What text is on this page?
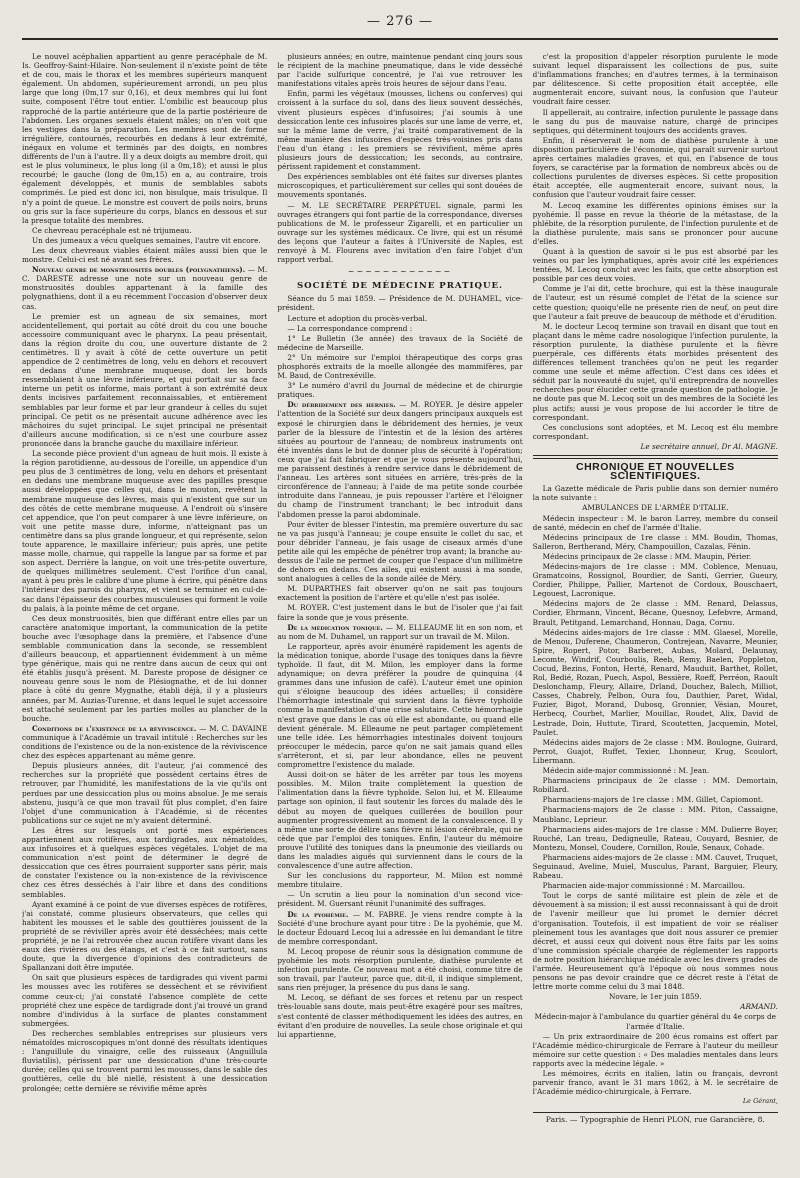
— 276 —

Le nouvel acéphalien appartient au genre peracéphale de M. Is. Geoffroy-Saint-Hilaire. Non-seulement il n'existe point de tête et de cou, mais le thorax et les membres supérieurs manquent également. Un abdomen, supérieurement arrondi, un peu plus large que long (0m,17 sur 0,16), et deux membres qui lui font suite, composent l'être tout entier. L'ombilic est beaucoup plus rapproché de la partie antérieure que de la partie postérieure de l'abdomen. Les organes sexuels étaient mâles; on n'en voit que les vestiges dans la préparation. Les membres sont de forme irrégulière, contournés, recourbés en dedans à leur extrémité, inégaux en volume et terminés par des doigts, en nombres différents de l'un à l'autre. Il y a deux doigts au membre droit, qui est le plus volumineux, le plus long (il a 0m,18); et aussi le plus recourbé; le gauche (long de 0m,15) en a, au contraire, trois également développés, et munis de semblables sabots comprimés. Le pied est donc ici, non bisulque, mais trisulque. Il n'y a point de queue. Le monstre est couvert de poils noirs, bruns ou gris sur la face supérieure du corps, blancs en dessous et sur la presque totalité des membres.

Ce chevreau peracéphale est né trijumeau.

Un des jumeaux a vécu quelques semaines, l'autre vit encore.

Les deux chevreaux viables étaient mâles aussi bien que le monstre. Celui-ci est né avant ses frères.

Nouveau genre de monstruosités doubles (polygnathiens). — M. C. DARESTE adresse une note sur un nouveau genre de monstruosités doubles appartenant à la famille des polygnathiens, dont il a eu récemment l'occasion d'observer deux cas.

Le premier est un agneau de six semaines, mort accidentellement, qui portait au côté droit du cou une bouche accessoire communiquant avec le pharynx. La peau présentait, dans la région droite du cou, une ouverture distante de 2 centimètres. Il y avait à côté de cette ouverture un petit appendice de 2 centimètres de long, velu en dehors et recouvert en dedans d'une membrane muqueuse, dont les bords ressemblaient à une lèvre inférieure, et qui portait sur sa face interne un petit os informe, mais portant à son extrémité deux dents incisives parfaitement reconnaissables, et entièrement semblables par leur forme et par leur grandeur à celles du sujet principal. Ce petit os ne présentait aucune adhérence avec les mâchoires du sujet principal. Le sujet principal ne présentait d'ailleurs aucune modification, si ce n'est une courbure assez prononcée dans la branche gauche du maxillaire inférieur.

La seconde pièce provient d'un agneau de huit mois. Il existe à la région parotidienne, au-dessous de l'oreille, un appendice d'un peu plus de 3 centimètres de long, velu en dehors et présentant en dedans une membrane muqueuse avec des papilles presque aussi développées que celles qui, dans le mouton, revêtent la membrane muqueuse des lèvres, mais qui n'existent que sur un des côtés de cette membrane muqueuse. A l'endroit où s'insère cet appendice, que l'on peut comparer à une lèvre inférieure, on voit une petite masse dure, informe, n'atteignant pas un centimètre dans sa plus grande longueur, et qui représente, selon toute apparence, le maxillaire inférieur; puis après, une petite masse molle, charnue, qui rappelle la langue par sa forme et par son aspect. Derrière la langue, on voit une très-petite ouverture, de quelques millimètres seulement. C'est l'orifice d'un canal, ayant à peu près le calibre d'une plume à écrire, qui pénètre dans l'intérieur des parois du pharynx, et vient se terminer en cul-de-sac dans l'épaisseur des courbes musculeuses qui forment le voile du palais, à la pointe même de cet organe.

Ces deux monstruosités, bien que différant entre elles par un caractère anatomique important, la communication de la petite bouche avec l'œsophage dans la première, et l'absence d'une semblable communication dans la seconde, se ressemblent d'ailleurs beaucoup, et appartiennent évidemment à un même type générique, mais qui ne rentre dans aucun de ceux qui ont été établis jusqu'à présent. M. Dareste propose de désigner ce nouveau genre sous le nom de Plésiognathe, et de lui donner place à côté du genre Mygnathe, établi déjà, il y a plusieurs années, par M. Auzias-Turenne, et dans lequel le sujet accessoire est attaché seulement par les parties molles au plancher de la bouche.

Conditions de l'existence de la réviviscence. — M. C. DAVAINE communique à l'Académie un travail intitulé : Recherches sur les conditions de l'existence ou de la non-existence de la réviviscence chez des espèces appartenant au même genre.

Depuis plusieurs années, dit l'auteur, j'ai commencé des recherches sur la propriété que possèdent certains êtres de retrouver, par l'humidité, les manifestations de la vie qu'ils ont perdues par une dessiccation plus ou moins absolue. Je me serais abstenu, jusqu'à ce que mon travail fût plus complet, d'en faire l'objet d'une communication à l'Académie, si de récentes publications sur ce sujet ne m'y avaient déterminé.

Les êtres sur lesquels ont porté mes expériences appartiennent aux rotifères, aux tardigrades, aux nématoïdes, aux infusoires et à quelques espèces végétales. L'objet de ma communication n'est point de déterminer le degré de dessiccation que ces êtres pourraient supporter sans périr, mais de constater l'existence ou la non-existence de la réviviscence chez ces êtres desséchés à l'air libre et dans des conditions semblables.

Ayant examiné à ce point de vue diverses espèces de rotifères, j'ai constaté, comme plusieurs observateurs, que celles qui habitent les mousses et le sable des gouttières jouissent de la propriété de se réviviller après avoir été desséchées; mais cette propriété, je ne l'ai retrouvée chez aucun rotifère vivant dans les eaux des rivières ou des étangs, et c'est à ce fait surtout, sans doute, que la divergence d'opinions des contradicteurs de Spallanzani doit être imputée.

On sait que plusieurs espèces de tardigrades qui vivent parmi les mousses avec les rotifères se dessèchent et se réviviﬁent comme ceux-ci; j'ai constaté l'absence complète de cette propriété chez une espèce de tardigrade dont j'ai trouvé un grand nombre d'individus à la surface de plantes constamment submergées.

Des recherches semblables entreprises sur plusieurs vers nématoïdes microscopiques m'ont donné des résultats identiques : l'anguillule du vinaigre, celle des ruisseaux (Anguillula fluviatilis), périssent par une dessiccation d'une très-courte durée; celles qui se trouvent parmi les mousses, dans le sable des gouttières, celle du blé niellé, résistent à une dessiccation prolongée; cette dernière se réviviﬁe même après

plusieurs années; en outre, maintenue pendant cinq jours sous le récipient de la machine pneumatique, dans le vide desséché par l'acide sulfurique concentré, je l'ai vue retrouver les manifestations vitales après trois heures de séjour dans l'eau.

Enfin, parmi les végétaux (mousses, lichens ou conferves) qui croissent à la surface du sol, dans des lieux souvent desséchés, vivent plusieurs espèces d'infusoires; j'ai soumis à une dessiccation lente ces infusoires placés sur une lame de verre, et, sur la même lame de verre, j'ai traité comparativement de la même manière des infusoires d'espèces très-voisines pris dans l'eau d'un étang : les premiers se réviviﬁent, même après plusieurs jours de dessiccation; les seconds, au contraire, périssent rapidement et constamment.

Des expériences semblables ont été faites sur diverses plantes microscopiques, et particulièrement sur celles qui sont douées de mouvements spontanés.

— M. LE SECRÉTAIRE PERPÉTUEL signale, parmi les ouvrages étrangers qui font partie de la correspondance, diverses publications de M. le professeur Zigarelli, et en particulier un ouvrage sur les systèmes médicaux. Ce livre, qui est un résumé des leçons que l'auteur a faites à l'Université de Naples, est renvoyé à M. Flourens avec invitation d'en faire l'objet d'un rapport verbal.

~~~~~~~~~~~~
SOCIÉTÉ DE MÉDECINE PRATIQUE.

Séance du 5 mai 1859. — Présidence de M. DUHAMEL, vice-président.

Lecture et adoption du procès-verbal.

— La correspondance comprend :

1° Le Bulletin (3e année) des travaux de la Société de médecine de Marseille.

2° Un mémoire sur l'emploi thérapeutique des corps gras phosphorés extraits de la moelle allongée des mammifères, par M. Baud, de Contrexéville.

3° Le numéro d'avril du Journal de médecine et de chirurgie pratiques.

Du débridement des hernies. — M. ROYER. Je désire appeler l'attention de la Société sur deux dangers principaux auxquels est exposé le chirurgien dans le débridement des hernies, je veux parler de la blessure de l'intestin et de la lésion des artères situées au pourtour de l'anneau; de nombreux instruments ont été inventés dans le but de donner plus de sécurité à l'opération; ceux que j'ai fait fabriquer et que je vous présente aujourd'hui, me paraissent destinés à rendre service dans le débridement de l'anneau. Les artères sont situées en arrière, très-près de la circonférence de l'anneau; à l'aide de ma petite sonde courbée introduite dans l'anneau, je puis repousser l'artère et l'éloigner du champ de l'instrument tranchant; le bec introduit dans l'abdomen presse la paroi abdominale.

Pour éviter de blesser l'intestin, ma première ouverture du sac ne va pas jusqu'à l'anneau; je coupe ensuite le collet du sac, et pour débrider l'anneau, je fais usage de ciseaux armés d'une petite aile qui les empêche de pénétrer trop avant; la branche au-dessus de l'aile ne permet de couper que l'espace d'un millimètre de dehors en dedans. Ces ailes, qui existent aussi à ma sonde, sont analogues à celles de la sonde ailée de Méry.

M. DUPARTHES fait observer qu'on ne sait pas toujours exactement la position de l'artère et qu'elle n'est pas isolée.

M. ROYER. C'est justement dans le but de l'isoler que j'ai fait faire la sonde que je vous présente.

De la médication tonique. — M. ELLEAUME lit en son nom, et au nom de M. Duhamel, un rapport sur un travail de M. Milon.

Le rapporteur, après avoir énuméré rapidement les agents de la médication tonique, aborde l'usage des toniques dans la fièvre typhoïde. Il faut, dit M. Milon, les employer dans la forme adynamique; on devra préférer la poudre de quinquina (4 grammes dans une infusion de café). L'auteur émet une opinion qui s'éloigne beaucoup des idées actuelles; il considère l'hémorrhagie intestinale qui survient dans la fièvre typhoïde comme la manifestation d'une crise salutaire. Cette hémorrhagie n'est grave que dans le cas où elle est abondante, ou quand elle devient générale. M. Elleaume ne peut partager complètement une telle idée. Les hémorrhagies intestinales doivent toujours préoccuper le médecin, parce qu'on ne sait jamais quand elles s'arrêteront, et si, par leur abondance, elles ne peuvent compromettre l'existence du malade.

Aussi doit-on se hâter de les arrêter par tous les moyens possibles. M. Milon traite complètement la question de l'alimentation dans la fièvre typhoïde. Selon lui, et M. Elleaume partage son opinion, il faut soutenir les forces du malade dès le début au moyen de quelques cuillerées de bouillon pour augmenter progressivement au moment de la convalescence. Il y a même une sorte de délire sans fièvre ni lésion cérébrale, qui ne cède que par l'emploi des toniques. Enfin, l'auteur du mémoire prouve l'utilité des toniques dans la pneumonie des vieillards ou dans les maladies aiguës qui surviennent dans le cours de la convalescence d'une autre affection.

Sur les conclusions du rapporteur, M. Milon est nommé membre titulaire.

— Un scrutin a lieu pour la nomination d'un second vice-président. M. Guersant réunit l'unanimité des suffrages.

De la pyohémie. — M. FABRE. Je viens rendre compte à la Société d'une brochure ayant pour titre : De la pyohémie, que M. le docteur Édouard Lecoq lui a adressée en lui demandant le titre de membre correspondant.

M. Lecoq propose de réunir sous la désignation commune de pyohémie les mots résorption purulente, diathèse purulente et infection purulente. Ce nouveau mot a été choisi, comme titre de son travail, par l'auteur, parce que, dit-il, il indique simplement, sans rien préjuger, la présence du pus dans le sang.

M. Lecoq, se défiant de ses forces et retenu par un respect très-louable sans doute, mais peut-être exagéré pour ses maîtres, s'est contenté de classer méthodiquement les idées des autres, en évitant d'en produire de nouvelles. La seule chose originale et qui lui appartienne,

c'est la proposition d'appeler résorption purulente le mode suivant lequel disparaissent les collections de pus, suite d'inflammations franches; en d'autres termes, à la terminaison par délitescence. Si cette proposition était acceptée, elle augmenterait encore, suivant nous, la confusion que l'auteur voudrait faire cesser.

Il appellerait, au contraire, infection purulente le passage dans le sang du pus de mauvaise nature, chargé de principes septiques, qui déterminent toujours des accidents graves.

Enfin, il réserverait le nom de diathèse purulente à une disposition particulière de l'économie, qui paraît survenir surtout après certaines maladies graves, et qui, en l'absence de tous foyers, se caractérise par la formation de nombreux abcès ou de collections purulentes de diverses espèces. Si cette proposition était acceptée, elle augmenterait encore, suivant nous, la confusion que l'auteur voudrait faire cesser.

M. Lecoq examine les différentes opinions émises sur la pyohémie. Il passe en revue la théorie de la métastase, de la phlébite, de la résorption purulente, de l'infection purulente et de la diathèse purulente, mais sans se prononcer pour aucune d'elles.

Quant à la question de savoir si le pus est absorbé par les veines ou par les lymphatiques, après avoir cité les expériences tentées, M. Lecoq conclut avec les faits, que cette absorption est possible par ces deux voies.

Comme je l'ai dit, cette brochure, qui est la thèse inaugurale de l'auteur, est un résumé complet de l'état de la science sur cette question; quoiqu'elle ne présente rien de neuf, on peut dire que l'auteur a fait preuve de beaucoup de méthode et d'érudition.

M. le docteur Lecoq termine son travail en disant que tout en plaçant dans le même cadre nosologique l'infection purulente, la résorption purulente, la diathèse purulente et la fièvre puerpérale, ces différents états morbides présentent des différences tellement tranchées qu'on ne peut les regarder comme une seule et même affection. C'est dans ces idées et séduit par la nouveauté du sujet, qu'il entreprendra de nouvelles recherches pour élucider cette grande question de pathologie. Je ne doute pas que M. Lecoq soit un des membres de la Société les plus actifs; aussi je vous propose de lui accorder le titre de correspondant.

Ces conclusions sont adoptées, et M. Lecoq est élu membre correspondant.

Le secrétaire annuel, Dr Al. MAGNE.

CHRONIQUE ET NOUVELLES SCIENTIFIQUES.

La Gazette médicale de Paris publie dans son dernier numéro la note suivante :

AMBULANCES DE L'ARMÉE D'ITALIE.

Médecin inspecteur : M. le baron Larrey, membre du conseil de santé, médecin en chef de l'armée d'Italie.

Médecins principaux de 1re classe : MM. Boudin, Thomas, Salleron, Bertherand, Méry, Champouillon, Cazalas, Fénin.

Médecins principaux de 2e classe : MM. Maupin, Périer.

Médecins-majors de 1re classe : MM. Coblence, Menuau, Gramatcoins, Rossignol, Bourdier, de Santi, Gerrier, Gueury, Cordier, Philippe, Pallier, Martenot de Cordoux, Bouschaert, Legouest, Lacronique.

Médecins majors de 2e classe : MM. Renard, Delassus, Cordier, Ehrmann, Vincent, Bécane, Quesnoy, Lefebvre, Armand, Brault, Petitgand, Lemarchand, Honnau, Daga, Cornu.

Médecins aides-majors de 1re classe : MM. Glaesel, Morelle, de Menou, Duferene, Chaumeron, Contrejean, Navarre, Meunier, Spire, Ropert, Potor, Barberet, Aubas, Molard, Delaunay, Lecomte, Windrif, Courboulis, Reeb, Remy, Baelen, Poppleton, Cocud, Bezins, Fonton, Herté, Renard, Mauduit, Barthet, Rollet, Rol, Bedié, Rozan, Puech, Aspol, Bessière, Roeff, Perréon, Raoult Deslonchamp, Fleury, Allaire, Drland, Douchez, Balech, Milliot, Casses, Chabrely, Pelbon, Oura fou, Dauthier, Paret, Widal, Fuzier, Bigot, Morand, Dubosq, Gronnier, Vésian, Mouret, Herbecq, Courbet, Marlier, Mouillac, Roudet, Alix, David de Lestrade, Doin, Huttute, Tirard, Scoutetten, Jacquemin, Motel, Paulet.

Médecins aides majors de 2e classe : MM. Boulogne, Guirard, Perrot, Guajot, Ruffet, Texier, Lhonneur, Krug, Scoulort, Libermann.

Médecin aide-major commissionné : M. Jean.

Pharmaciens principaux de 2e classe : MM. Demortain, Robillard.

Pharmaciens-majors de 1re classe : MM. Gillet, Capiomont.

Pharmaciens-majors de 2e classe : MM. Piton, Cassaigne, Maublanc, Leprieur.

Pharmaciens aides-majors de 1re classe : MM. Dulierre Boyer, Rouché, Lan treau, Dedigneulle, Rateau, Couyard, Besnier, de Montezu, Monsel, Coudere, Cornillon, Roule, Senaux, Cohade.

Pharmaciens aides-majors de 2e classe : MM. Cauvet, Truquet, Seguinaud, Aveline, Muiel, Musculus, Parant, Barguier, Fleury, Rabeau.

Pharmacien aide-major commissionné : M. Marcaillou.

Tout le corps de santé militaire est plein de zèle et de dévouement à sa mission; il est aussi reconnaissant à qui de droit de l'avenir meilleur que lui promet le dernier décret d'organisation. Toutefois, il est impatient de voir se réaliser pleinement tous les avantages que doit nous assurer ce premier décret, et aussi ceux qui doivent nous être faits par les soins d'une commission spéciale chargée de réglementer les rapports de notre position hiérarchique médicale avec les divers grades de l'armée. Heureusement qu'à l'époque où nous sommes nous pensons ne pas devoir craindre que ce décret reste à l'état de lettre morte comme celui du 3 mai 1848.

Novare, le 1er juin 1859.

ARMAND.

Médecin-major à l'ambulance du quartier général du 4e corps de l'armée d'Italie.

— Un prix extraordinaire de 200 écus romains est offert par l'Académie médico-chirurgicale de Ferrare à l'auteur du meilleur mémoire sur cette question : « Des maladies mentales dans leurs rapports avec la médecine légale. »

Les mémoires, écrits en italien, latin ou français, devront parvenir franco, avant le 31 mars 1862, à M. le secrétaire de l'Académie médico-chirurgicale, à Ferrare.

Le Gérant,
Paris. — Typographie de Henri PLON, rue Garancière, 8.
